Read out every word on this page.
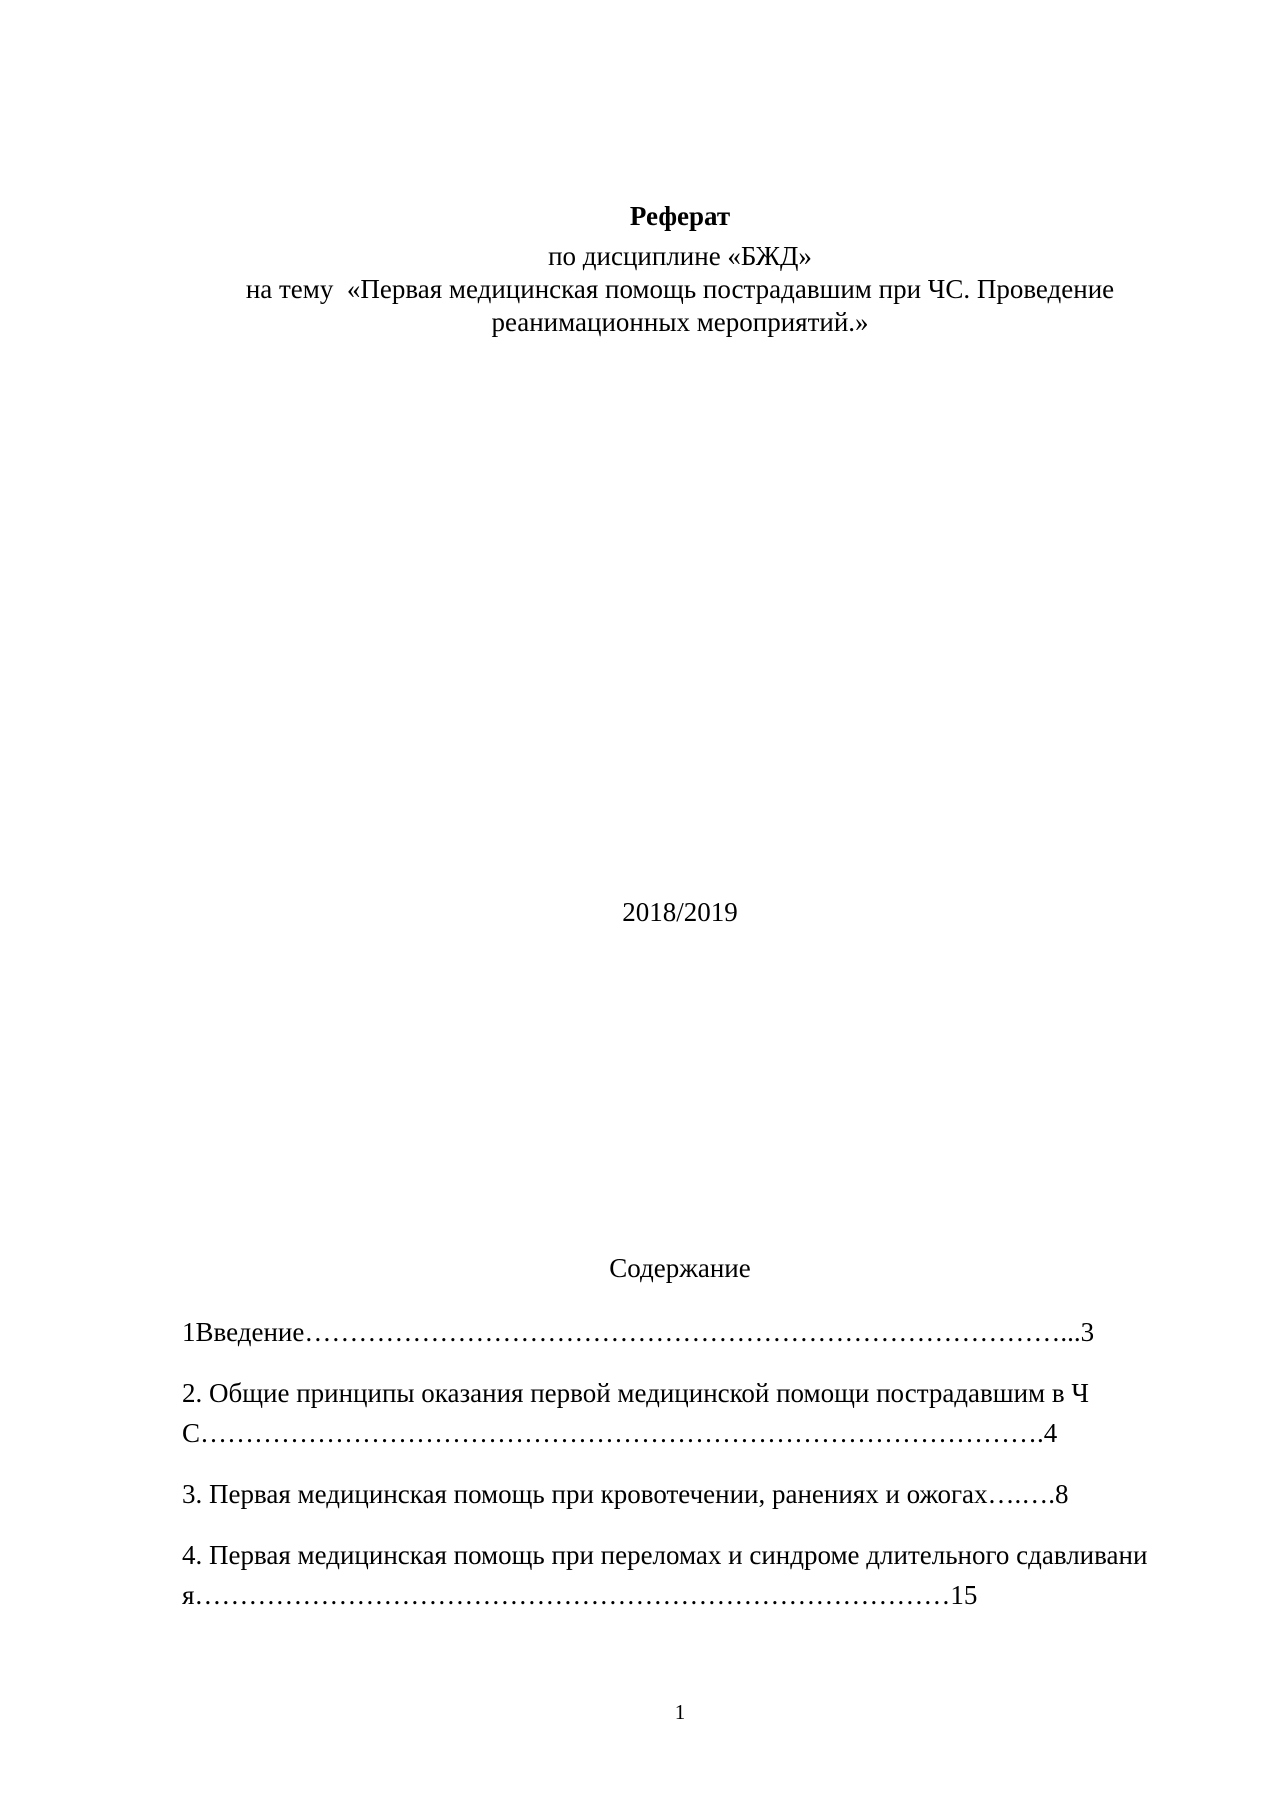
Реферат

по дисциплине «БЖД»

на тему  «Первая медицинская помощь пострадавшим при ЧС. Проведение

реанимационных мероприятий.»

2018/2019
Содержание

1Введение…………………………………………………………………………...3

2. Общие принципы оказания первой медицинской помощи пострадавшим в ЧС………………………………………………………………………………….4

3. Первая медицинская помощь при кровотечении, ранениях и ожогах….….8

4. Первая медицинская помощь при переломах и синдроме длительного сдавливания…………………………………………………………………………15

1
